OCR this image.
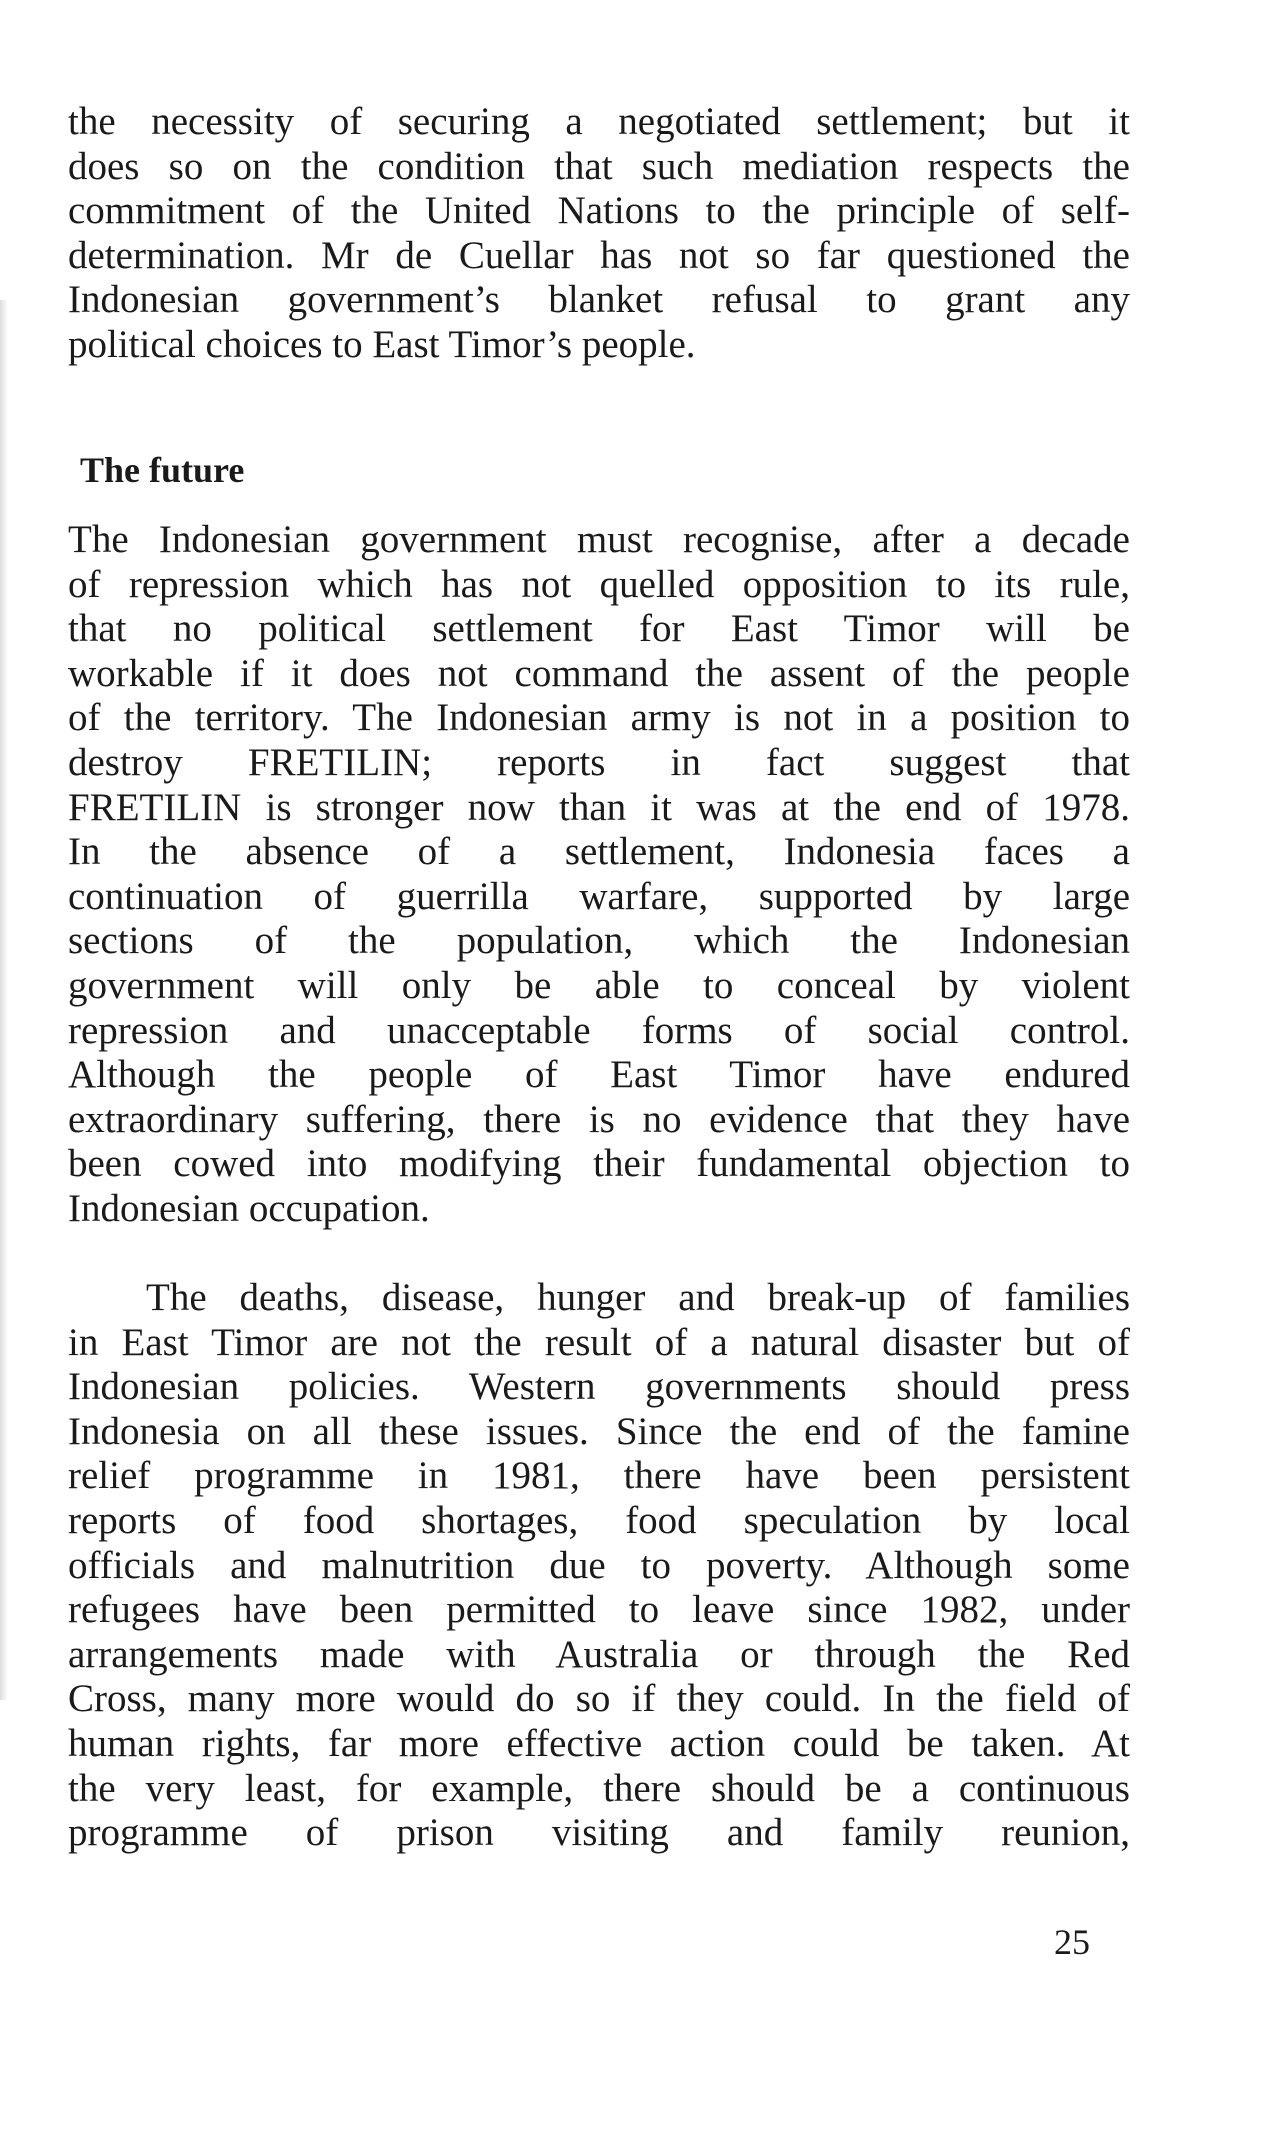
the necessity of securing a negotiated settlement; but it
does so on the condition that such mediation respects the
commitment of the United Nations to the principle of self-
determination. Mr de Cuellar has not so far questioned the
Indonesian government’s blanket refusal to grant any
political choices to East Timor’s people.
The future
The Indonesian government must recognise, after a decade
of repression which has not quelled opposition to its rule,
that no political settlement for East Timor will be
workable if it does not command the assent of the people
of the territory. The Indonesian army is not in a position to
destroy FRETILIN; reports in fact suggest that
FRETILIN is stronger now than it was at the end of 1978.
In the absence of a settlement, Indonesia faces a
continuation of guerrilla warfare, supported by large
sections of the population, which the Indonesian
government will only be able to conceal by violent
repression and unacceptable forms of social control.
Although the people of East Timor have endured
extraordinary suffering, there is no evidence that they have
been cowed into modifying their fundamental objection to
Indonesian occupation.
The deaths, disease, hunger and break-up of families
in East Timor are not the result of a natural disaster but of
Indonesian policies. Western governments should press
Indonesia on all these issues. Since the end of the famine
relief programme in 1981, there have been persistent
reports of food shortages, food speculation by local
officials and malnutrition due to poverty. Although some
refugees have been permitted to leave since 1982, under
arrangements made with Australia or through the Red
Cross, many more would do so if they could. In the field of
human rights, far more effective action could be taken. At
the very least, for example, there should be a continuous
programme of prison visiting and family reunion,
25
